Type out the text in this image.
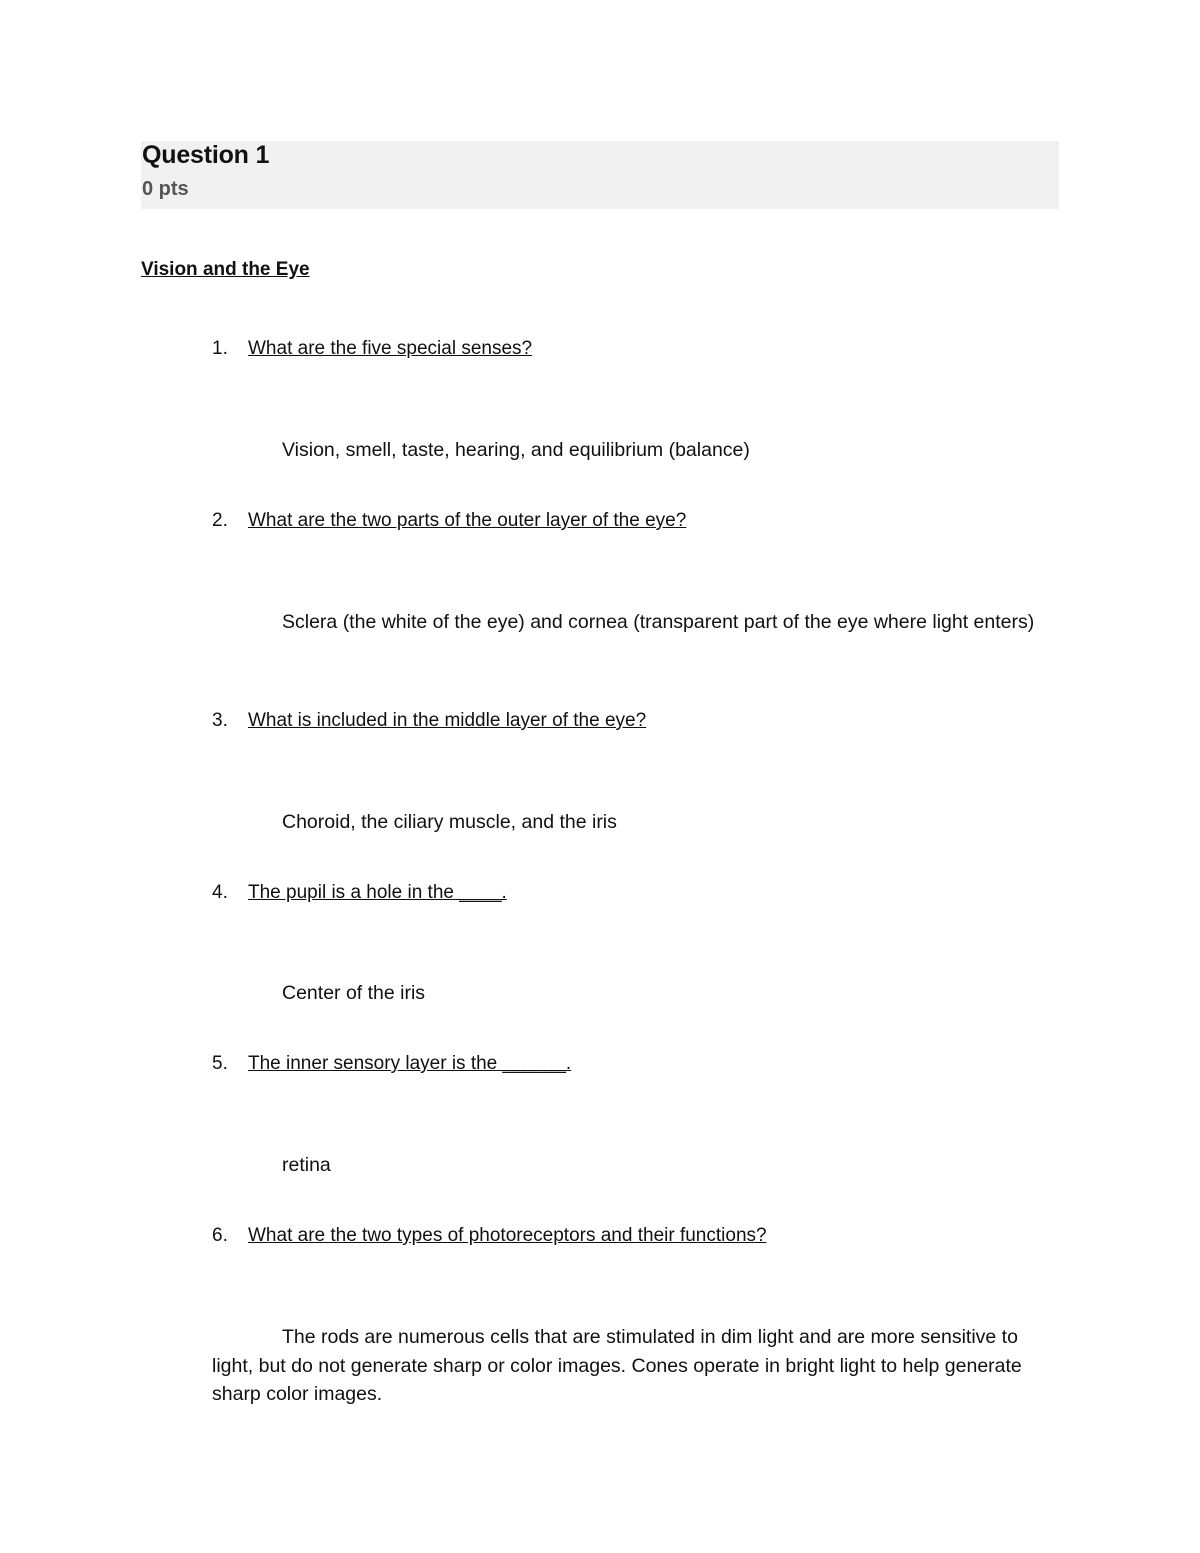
Question 1
0 pts
Vision and the Eye
1. What are the five special senses?
Vision, smell, taste, hearing, and equilibrium (balance)
2. What are the two parts of the outer layer of the eye?
Sclera (the white of the eye) and cornea (transparent part of the eye where light enters)
3. What is included in the middle layer of the eye?
Choroid, the ciliary muscle, and the iris
4. The pupil is a hole in the ____.
Center of the iris
5. The inner sensory layer is the ______.
retina
6. What are the two types of photoreceptors and their functions?
The rods are numerous cells that are stimulated in dim light and are more sensitive to light, but do not generate sharp or color images. Cones operate in bright light to help generate sharp color images.
